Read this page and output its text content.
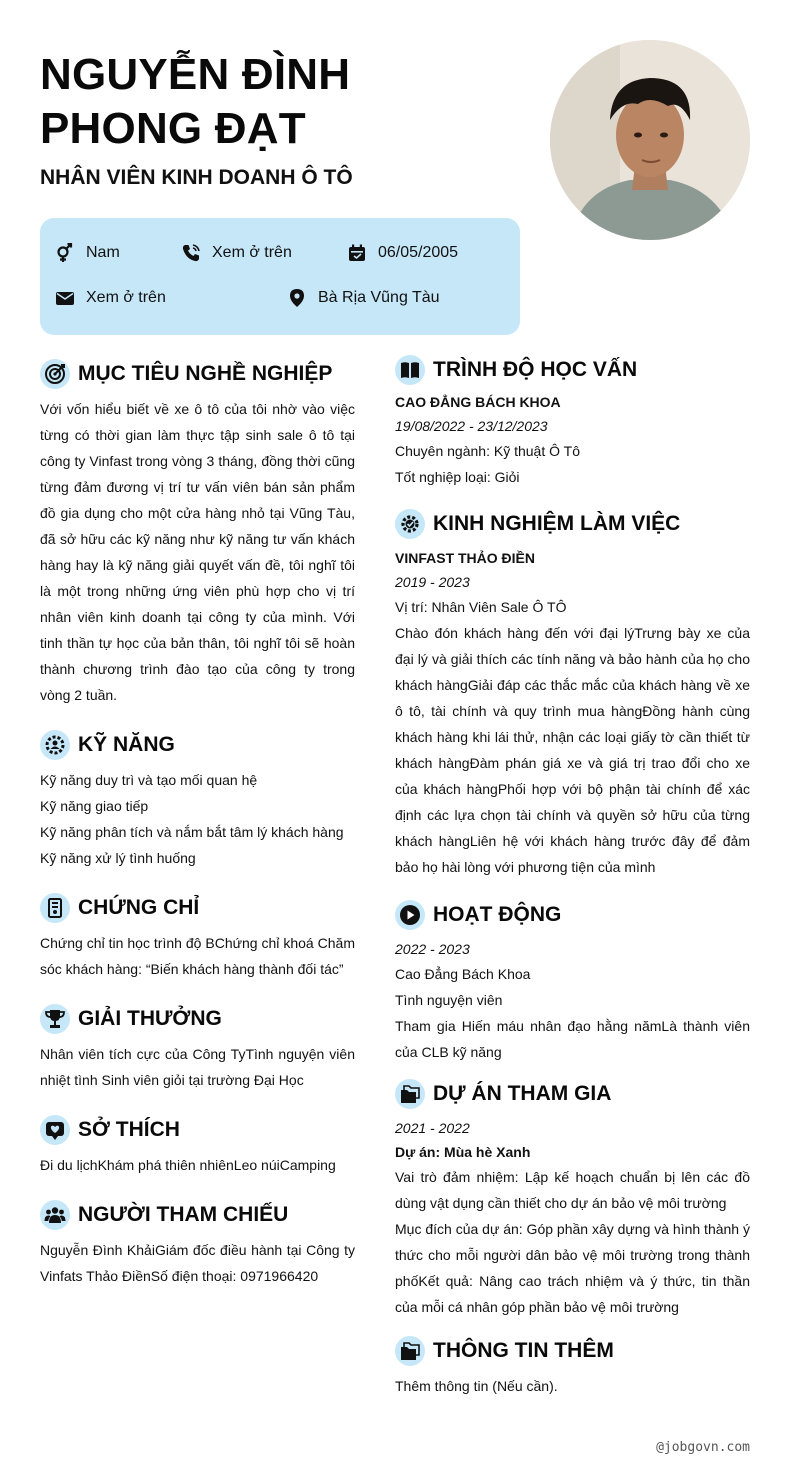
NGUYỄN ĐÌNH PHONG ĐẠT
NHÂN VIÊN KINH DOANH Ô TÔ
Nam	Xem ở trên	06/05/2005
Xem ở trên	Bà Rịa Vũng Tàu
MỤC TIÊU NGHỀ NGHIỆP

Với vốn hiểu biết về xe ô tô của tôi nhờ vào việc từng có thời gian làm thực tập sinh sale ô tô tại công ty Vinfast trong vòng 3 tháng, đồng thời cũng từng đảm đương vị trí tư vấn viên bán sản phẩm đồ gia dụng cho một cửa hàng nhỏ tại Vũng Tàu, đã sở hữu các kỹ năng như kỹ năng tư vấn khách hàng hay là kỹ năng giải quyết vấn đề, tôi nghĩ tôi là một trong những ứng viên phù hợp cho vị trí nhân viên kinh doanh tại công ty của mình. Với tinh thần tự học của bản thân, tôi nghĩ tôi sẽ hoàn thành chương trình đào tạo của công ty trong vòng 2 tuần.

KỸ NĂNG
Kỹ năng duy trì và tạo mối quan hệ
Kỹ năng giao tiếp
Kỹ năng phân tích và nắm bắt tâm lý khách hàng
Kỹ năng xử lý tình huống
CHỨNG CHỈ

Chứng chỉ tin học trình độ BChứng chỉ khoá Chăm sóc khách hàng: “Biến khách hàng thành đối tác”

GIẢI THƯỞNG

Nhân viên tích cực của Công TyTình nguyện viên nhiệt tình Sinh viên giỏi tại trường Đại Học

SỞ THÍCH

Đi du lịchKhám phá thiên nhiênLeo núiCamping

NGƯỜI THAM CHIẾU

Nguyễn Đình KhảiGiám đốc điều hành tại Công ty Vinfats Thảo ĐiềnSố điện thoại: 0971966420

TRÌNH ĐỘ HỌC VẤN
CAO ĐẲNG BÁCH KHOA
19/08/2022 - 23/12/2023
Chuyên ngành: Kỹ thuật Ô Tô
Tốt nghiệp loại: Giỏi
KINH NGHIỆM LÀM VIỆC
VINFAST THẢO ĐIỀN
2019 - 2023
Vị trí: Nhân Viên Sale Ô TÔ

Chào đón khách hàng đến với đại lýTrưng bày xe của đại lý và giải thích các tính năng và bảo hành của họ cho khách hàngGiải đáp các thắc mắc của khách hàng về xe ô tô, tài chính và quy trình mua hàngĐồng hành cùng khách hàng khi lái thử, nhận các loại giấy tờ cần thiết từ khách hàngĐàm phán giá xe và giá trị trao đổi cho xe của khách hàngPhối hợp với bộ phận tài chính để xác định các lựa chọn tài chính và quyền sở hữu của từng khách hàngLiên hệ với khách hàng trước đây để đảm bảo họ hài lòng với phương tiện của mình

HOẠT ĐỘNG
2022 - 2023
Cao Đẳng Bách Khoa
Tình nguyện viên

Tham gia Hiến máu nhân đạo hằng nămLà thành viên của CLB kỹ năng

DỰ ÁN THAM GIA
2021 - 2022
Dự án: Mùa hè Xanh

Vai trò đảm nhiệm: Lập kế hoạch chuẩn bị lên các đồ dùng vật dụng cần thiết cho dự án bảo vệ môi trường

Mục đích của dự án: Góp phần xây dựng và hình thành ý thức cho mỗi người dân bảo vệ môi trường trong thành phốKết quả: Nâng cao trách nhiệm và ý thức, tin thần của mỗi cá nhân góp phần bảo vệ môi trường

THÔNG TIN THÊM
Thêm thông tin (Nếu cần).
@jobgovn.com
